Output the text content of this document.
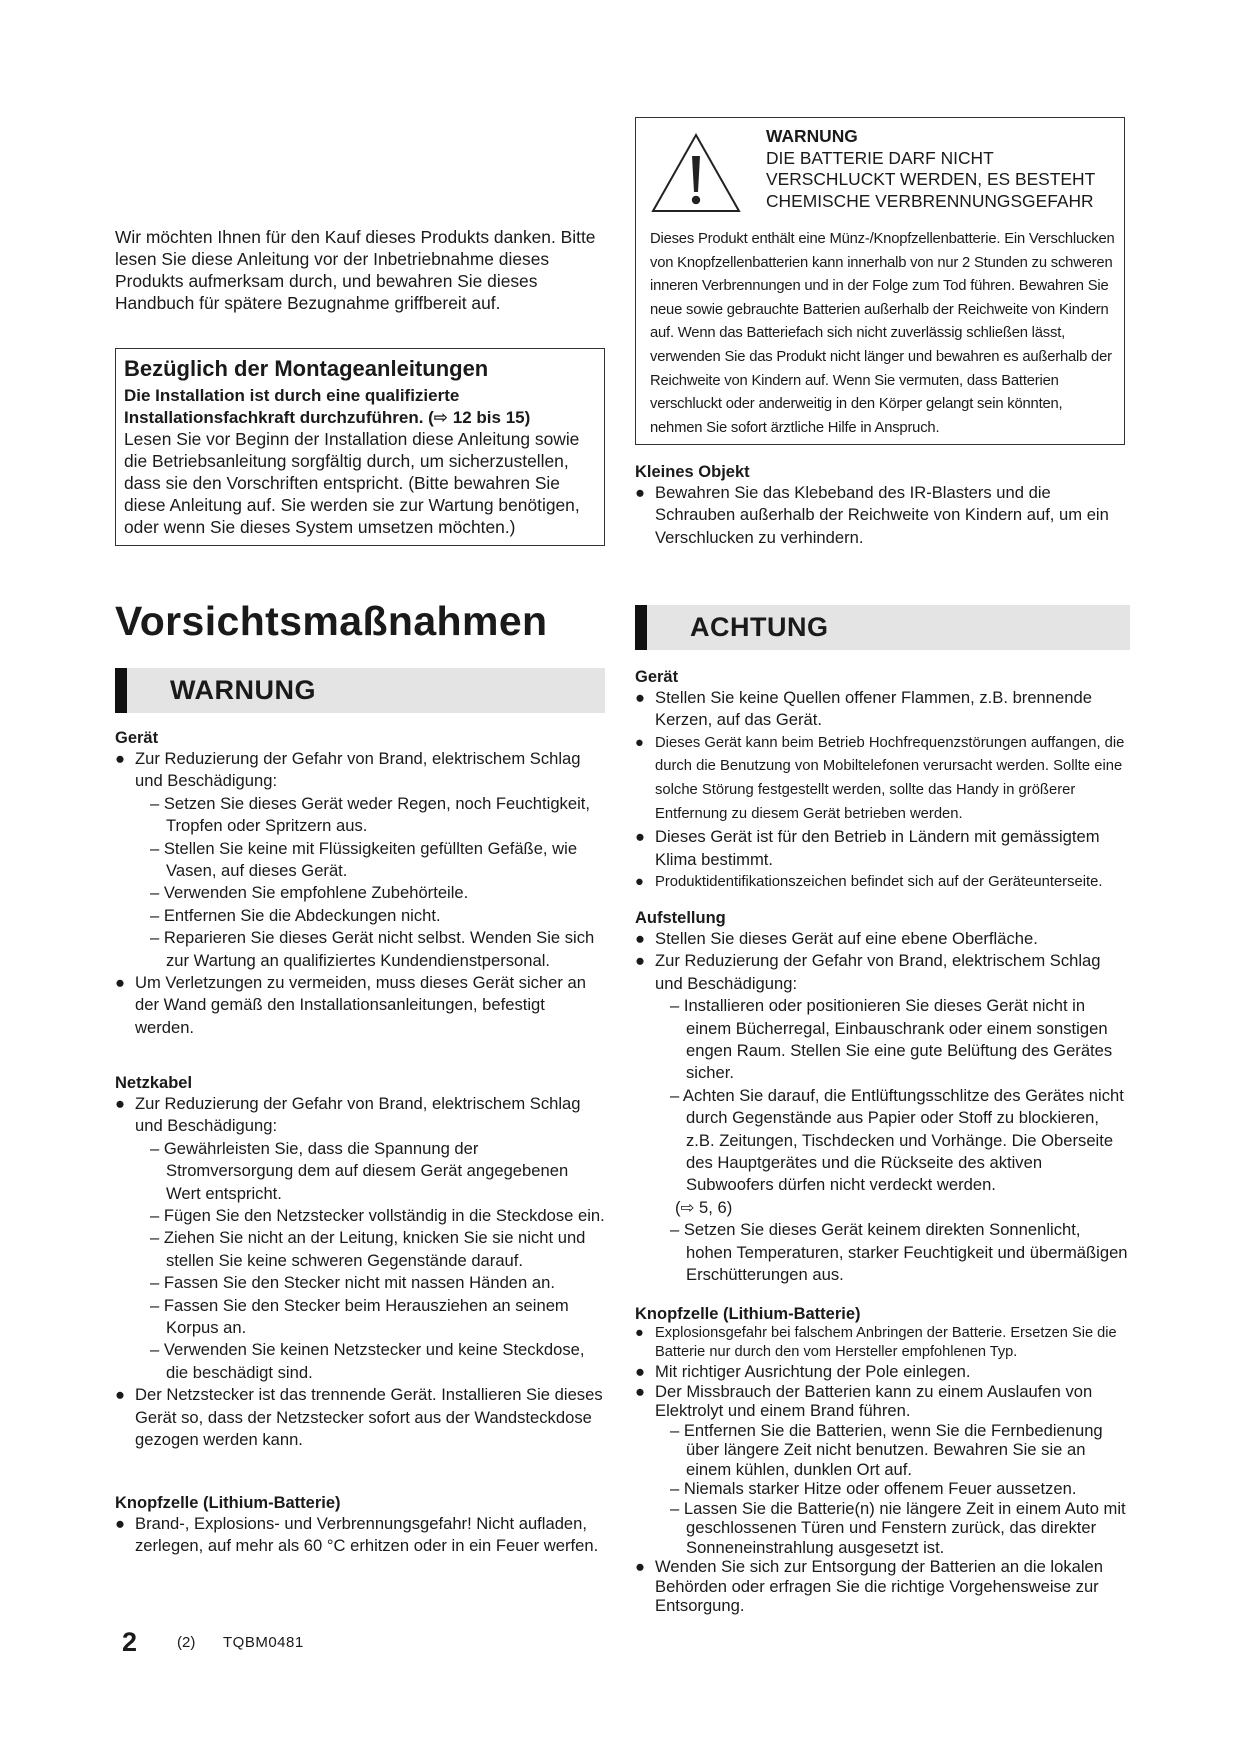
Wir möchten Ihnen für den Kauf dieses Produkts danken. Bitte lesen Sie diese Anleitung vor der Inbetriebnahme dieses Produkts aufmerksam durch, und bewahren Sie dieses Handbuch für spätere Bezugnahme griffbereit auf.

Bezüglich der Montageanleitungen

Die Installation ist durch eine qualifizierte

Installationsfachkraft durchzuführen. (⇨ 12 bis 15)

Lesen Sie vor Beginn der Installation diese Anleitung sowie die Betriebsanleitung sorgfältig durch, um sicherzustellen, dass sie den Vorschriften entspricht. (Bitte bewahren Sie diese Anleitung auf. Sie werden sie zur Wartung benötigen, oder wenn Sie dieses System umsetzen möchten.)

Vorsichtsmaßnahmen
WARNUNG

Gerät

● Zur Reduzierung der Gefahr von Brand, elektrischem Schlag und Beschädigung:

– Setzen Sie dieses Gerät weder Regen, noch Feuchtigkeit, Tropfen oder Spritzern aus.

– Stellen Sie keine mit Flüssigkeiten gefüllten Gefäße, wie Vasen, auf dieses Gerät.

– Verwenden Sie empfohlene Zubehörteile.

– Entfernen Sie die Abdeckungen nicht.

– Reparieren Sie dieses Gerät nicht selbst. Wenden Sie sich zur Wartung an qualifiziertes Kundendienstpersonal.

● Um Verletzungen zu vermeiden, muss dieses Gerät sicher an der Wand gemäß den Installationsanleitungen, befestigt werden.

Netzkabel

● Zur Reduzierung der Gefahr von Brand, elektrischem Schlag und Beschädigung:

– Gewährleisten Sie, dass die Spannung der Stromversorgung dem auf diesem Gerät angegebenen Wert entspricht.

– Fügen Sie den Netzstecker vollständig in die Steckdose ein.

– Ziehen Sie nicht an der Leitung, knicken Sie sie nicht und stellen Sie keine schweren Gegenstände darauf.

– Fassen Sie den Stecker nicht mit nassen Händen an.

– Fassen Sie den Stecker beim Herausziehen an seinem Korpus an.

– Verwenden Sie keinen Netzstecker und keine Steckdose, die beschädigt sind.

● Der Netzstecker ist das trennende Gerät. Installieren Sie dieses Gerät so, dass der Netzstecker sofort aus der Wandsteckdose gezogen werden kann.

Knopfzelle (Lithium-Batterie)

● Brand-, Explosions- und Verbrennungsgefahr! Nicht aufladen, zerlegen, auf mehr als 60 °C erhitzen oder in ein Feuer werfen.

WARNUNG

DIE BATTERIE DARF NICHT

VERSCHLUCKT WERDEN, ES BESTEHT

CHEMISCHE VERBRENNUNGSGEFAHR

Dieses Produkt enthält eine Münz-/Knopfzellenbatterie. Ein Verschlucken von Knopfzellenbatterien kann innerhalb von nur 2 Stunden zu schweren inneren Verbrennungen und in der Folge zum Tod führen. Bewahren Sie neue sowie gebrauchte Batterien außerhalb der Reichweite von Kindern auf. Wenn das Batteriefach sich nicht zuverlässig schließen lässt, verwenden Sie das Produkt nicht länger und bewahren es außerhalb der Reichweite von Kindern auf. Wenn Sie vermuten, dass Batterien verschluckt oder anderweitig in den Körper gelangt sein könnten, nehmen Sie sofort ärztliche Hilfe in Anspruch.

Kleines Objekt

● Bewahren Sie das Klebeband des IR-Blasters und die Schrauben außerhalb der Reichweite von Kindern auf, um ein Verschlucken zu verhindern.
ACHTUNG

Gerät

● Stellen Sie keine Quellen offener Flammen, z.B. brennende Kerzen, auf das Gerät.
● Dieses Gerät kann beim Betrieb Hochfrequenzstörungen auffangen, die durch die Benutzung von Mobiltelefonen verursacht werden. Sollte eine solche Störung festgestellt werden, sollte das Handy in größerer Entfernung zu diesem Gerät betrieben werden.
● Dieses Gerät ist für den Betrieb in Ländern mit gemässigtem Klima bestimmt.
● Produktidentifikationszeichen befindet sich auf der Geräteunterseite.

Aufstellung

● Stellen Sie dieses Gerät auf eine ebene Oberfläche.
● Zur Reduzierung der Gefahr von Brand, elektrischem Schlag und Beschädigung:

– Installieren oder positionieren Sie dieses Gerät nicht in einem Bücherregal, Einbauschrank oder einem sonstigen engen Raum. Stellen Sie eine gute Belüftung des Gerätes sicher.

– Achten Sie darauf, die Entlüftungsschlitze des Gerätes nicht durch Gegenstände aus Papier oder Stoff zu blockieren, z.B. Zeitungen, Tischdecken und Vorhänge. Die Oberseite des Hauptgerätes und die Rückseite des aktiven Subwoofers dürfen nicht verdeckt werden.

(⇨ 5, 6)

– Setzen Sie dieses Gerät keinem direkten Sonnenlicht, hohen Temperaturen, starker Feuchtigkeit und übermäßigen Erschütterungen aus.

Knopfzelle (Lithium-Batterie)

● Explosionsgefahr bei falschem Anbringen der Batterie. Ersetzen Sie die Batterie nur durch den vom Hersteller empfohlenen Typ.
● Mit richtiger Ausrichtung der Pole einlegen.
● Der Missbrauch der Batterien kann zu einem Auslaufen von Elektrolyt und einem Brand führen.

– Entfernen Sie die Batterien, wenn Sie die Fernbedienung über längere Zeit nicht benutzen. Bewahren Sie sie an einem kühlen, dunklen Ort auf.

– Niemals starker Hitze oder offenem Feuer aussetzen.

– Lassen Sie die Batterie(n) nie längere Zeit in einem Auto mit geschlossenen Türen und Fenstern zurück, das direkter Sonneneinstrahlung ausgesetzt ist.

● Wenden Sie sich zur Entsorgung der Batterien an die lokalen Behörden oder erfragen Sie die richtige Vorgehensweise zur Entsorgung.
2	(2) TQBM0481
